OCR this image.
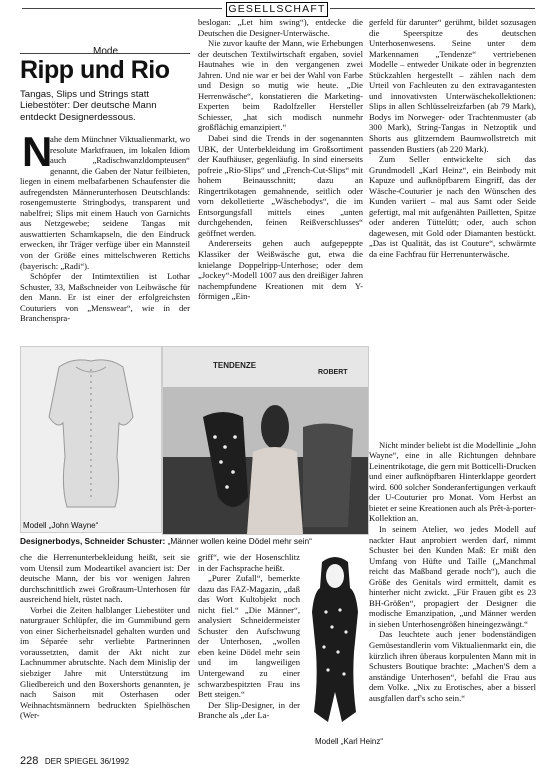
GESELLSCHAFT
Mode
Ripp und Rio
Tangas, Slips und Strings statt Liebestöter: Der deutsche Mann entdeckt Designerdessous.
N

ahe dem Münchner Viktualienmarkt, wo resolute Marktfrauen, im lokalen Idiom auch „Radischwanzldompteusen“ genannt, die Gaben der Natur feilbieten, liegen in einem melbafarbenen Schaufenster die aufregendsten Männerunterhosen Deutschlands: rosengemusterte Stringbodys, transparent und nabelfrei; Slips mit einem Hauch von Garnichts aus Netzgewebe; seidene Tangas mit auswattierten Schamkapseln, die den Eindruck erwecken, ihr Träger verfüge über ein Mannsteil von der Größe eines mittelschweren Rettichs (bayerisch: „Radi“).

Schöpfer der Intimtextilien ist Lothar Schuster, 33, Maßschneider von Leibwäsche für den Mann. Er ist einer der erfolgreichsten Couturiers von „Menswear“, wie in der Branchenspra-

beslogan: „Let him swing“), entdecke die Deutschen die Designer-Unterwäsche.

Nie zuvor kaufte der Mann, wie Erhebungen der deutschen Textilwirtschaft ergaben, soviel Hautnahes wie in den vergangenen zwei Jahren. Und nie war er bei der Wahl von Farbe und Design so mutig wie heute. „Die Herrenwäsche“, konstatieren die Marketing-Experten beim Radolfzeller Hersteller Schiesser, „hat sich modisch nunmehr großflächig emanzipiert.“

Dabei sind die Trends in der sogenannten UBK, der Unterbekleidung im Großsortiment der Kaufhäuser, gegenläufig. In sind einerseits pofreie „Rio-Slips“ und „French-Cut-Slips“ mit hohem Beinausschnitt; dazu an Ringertrikotagen gemahnende, seitlich oder vorn dekolletierte „Wäschebodys“, die im Entsorgungsfall mittels eines „unten durchgehenden, feinen Reißverschlusses“ geöffnet werden.

Andererseits gehen auch aufgepeppte Klassiker der Weißwäsche gut, etwa die knielange Doppelripp-Unterhose; oder dem „Jockey“-Modell 1007 aus den dreißiger Jahren nachempfundene Kreationen mit dem Y-förmigen „Ein-

gerfeld für darunter“ gerühmt, bildet sozusagen die Speerspitze des deutschen Unterhosenwesens. Seine unter dem Markennamen „Tendenze“ vertriebenen Modelle – entweder Unikate oder in begrenzten Stückzahlen hergestellt – zählen nach dem Urteil von Fachleuten zu den extravagantesten und innovativsten Unterwäschekollektionen: Slips in allen Schlüsselreizfarben (ab 79 Mark), Bodys im Norweger- oder Trachtenmuster (ab 300 Mark), String-Tangas in Netzoptik und Shorts aus glitzerndem Baumwollstretch mit passenden Bustiers (ab 220 Mark).

Zum Seller entwickelte sich das Grundmodell „Karl Heinz“, ein Beinbody mit Kapuze und aufknöpfbarem Eingriff, das der Wäsche-Couturier je nach den Wünschen des Kunden variiert – mal aus Samt oder Seide gefertigt, mal mit aufgenähten Pailletten, Spitze oder anderen Tüttelütt; oder, auch schon dagewesen, mit Gold oder Diamanten bestückt. „Das ist Qualität, das ist Couture“, schwärmte da eine Fachfrau für Herrenunterwäsche.

Nicht minder beliebt ist die Modellinie „John Wayne“, eine in alle Richtungen dehnbare Leinentrikotage, die gern mit Botticelli-Drucken und einer aufknöpfbaren Hinterklappe geordert wird. 600 solcher Sonderanfertigungen verkauft der U-Couturier pro Monat. Vom Herbst an bietet er seine Kreationen auch als Prêt-à-porter-Kollektion an.

In seinem Atelier, wo jedes Modell auf nackter Haut anprobiert werden darf, nimmt Schuster bei den Kunden Maß: Er mißt den Umfang von Hüfte und Taille („Manchmal reicht das Maßband gerade noch“), auch die Größe des Genitals wird ermittelt, damit es hinterher nicht zwickt. „Für Frauen gibt es 23 BH-Größen“, propagiert der Designer die modische Emanzipation, „und Männer werden in sieben Unterhosengrößen hineingezwängt.“

Das leuchtete auch jener bodenständigen Gemüsestandlerin vom Viktualienmarkt ein, die kürzlich ihren überaus korpulenten Mann mit in Schusters Boutique brachte: „Machen'S dem a anständige Unterhosen“, befahl die Frau aus dem Volke. „Nix zu Erotisches, aber a bisserl ausgfallen darf's scho sein.“

Modell „John Wayne“
TENDENZE
ROBERT
Designerbodys, Schneider Schuster: „Männer wollen keine Dödel mehr sein“

che die Herrenunterbekleidung heißt, seit sie vom Utensil zum Modeartikel avanciert ist: Der deutsche Mann, der bis vor wenigen Jahren durchschnittlich zwei Großraum-Unterhosen für ausreichend hielt, rüstet nach.

Vorbei die Zeiten halblanger Liebestöter und naturgrauer Schlüpfer, die im Gummibund gern von einer Sicherheitsnadel gehalten wurden und im Séparée sehr verliebte Partnerinnen voraussetzten, damit der Akt nicht zur Lachnummer abrutschte. Nach dem Minislip der siebziger Jahre mit Unterstützung im Gliedbereich und den Boxershorts genannten, je nach Saison mit Osterhasen oder Weihnachtsmännern bedruckten Spielhöschen (Wer-

griff“, wie der Hosenschlitz in der Fachsprache heißt.

„Purer Zufall“, bemerkte dazu das FAZ-Magazin, „daß das Wort Kultobjekt noch nicht fiel.“ „Die Männer“, analysiert Schneidermeister Schuster den Aufschwung der Unterhosen, „wollen eben keine Dödel mehr sein und im langweiligen Untergewand zu einer schwarzbespitzten Frau ins Bett steigen.“

Der Slip-Designer, in der Branche als „der La-

Modell „Karl Heinz“
228 DER SPIEGEL 36/1992
